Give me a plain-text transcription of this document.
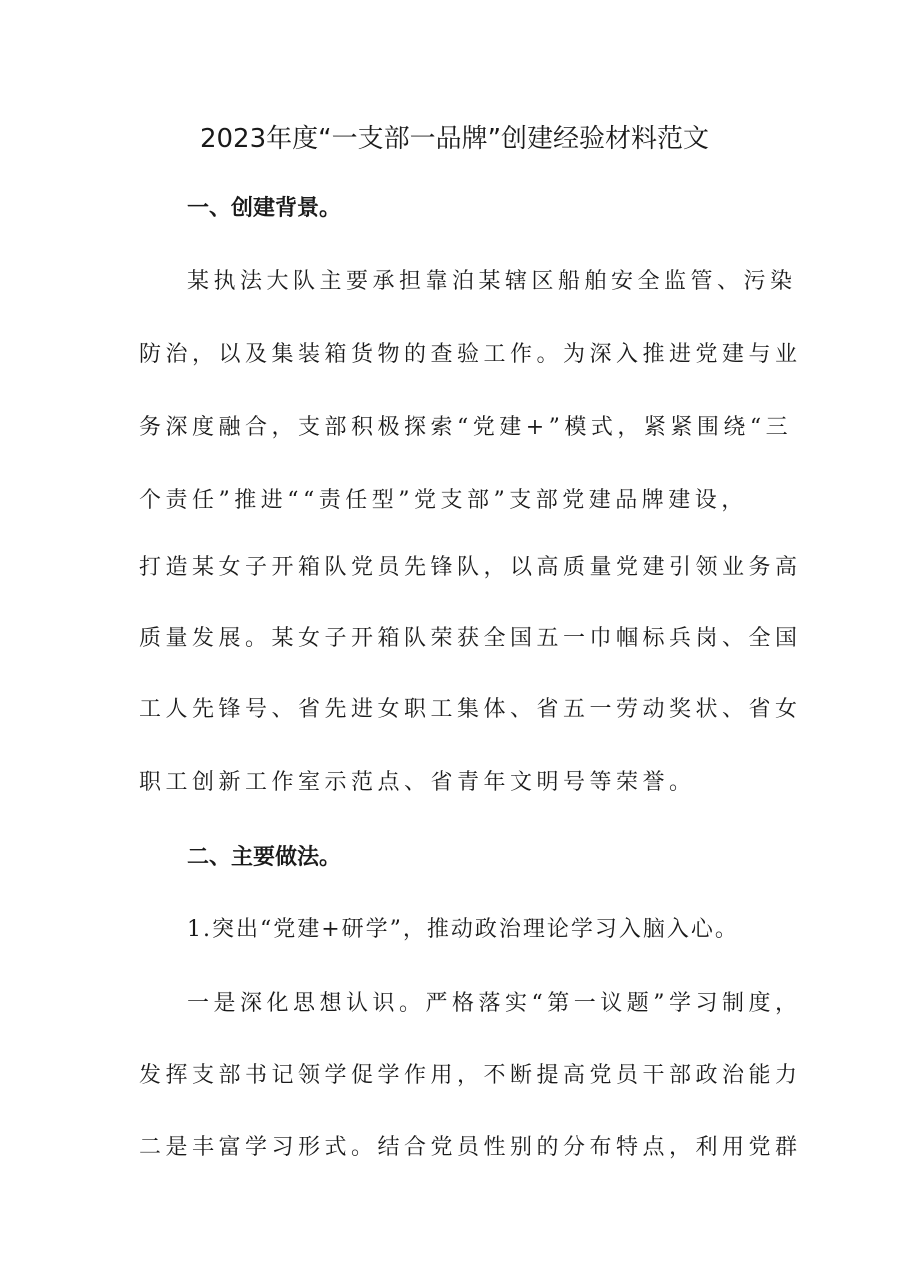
2023年度“一支部一品牌”创建经验材料范文
一、创建背景。
某执法大队主要承担靠泊某辖区船舶安全监管、污染
防治，以及集装箱货物的查验工作。为深入推进党建与业
务深度融合，支部积极探索“党建+”模式，紧紧围绕“三
个责任”推进““责任型”党支部”支部党建品牌建设，
打造某女子开箱队党员先锋队，以高质量党建引领业务高
质量发展。某女子开箱队荣获全国五一巾帼标兵岗、全国
工人先锋号、省先进女职工集体、省五一劳动奖状、省女
职工创新工作室示范点、省青年文明号等荣誉。
二、主要做法。
1.突出“党建+研学”，推动政治理论学习入脑入心。
一是深化思想认识。严格落实“第一议题”学习制度，
发挥支部书记领学促学作用，不断提高党员干部政治能力
二是丰富学习形式。结合党员性别的分布特点，利用党群
